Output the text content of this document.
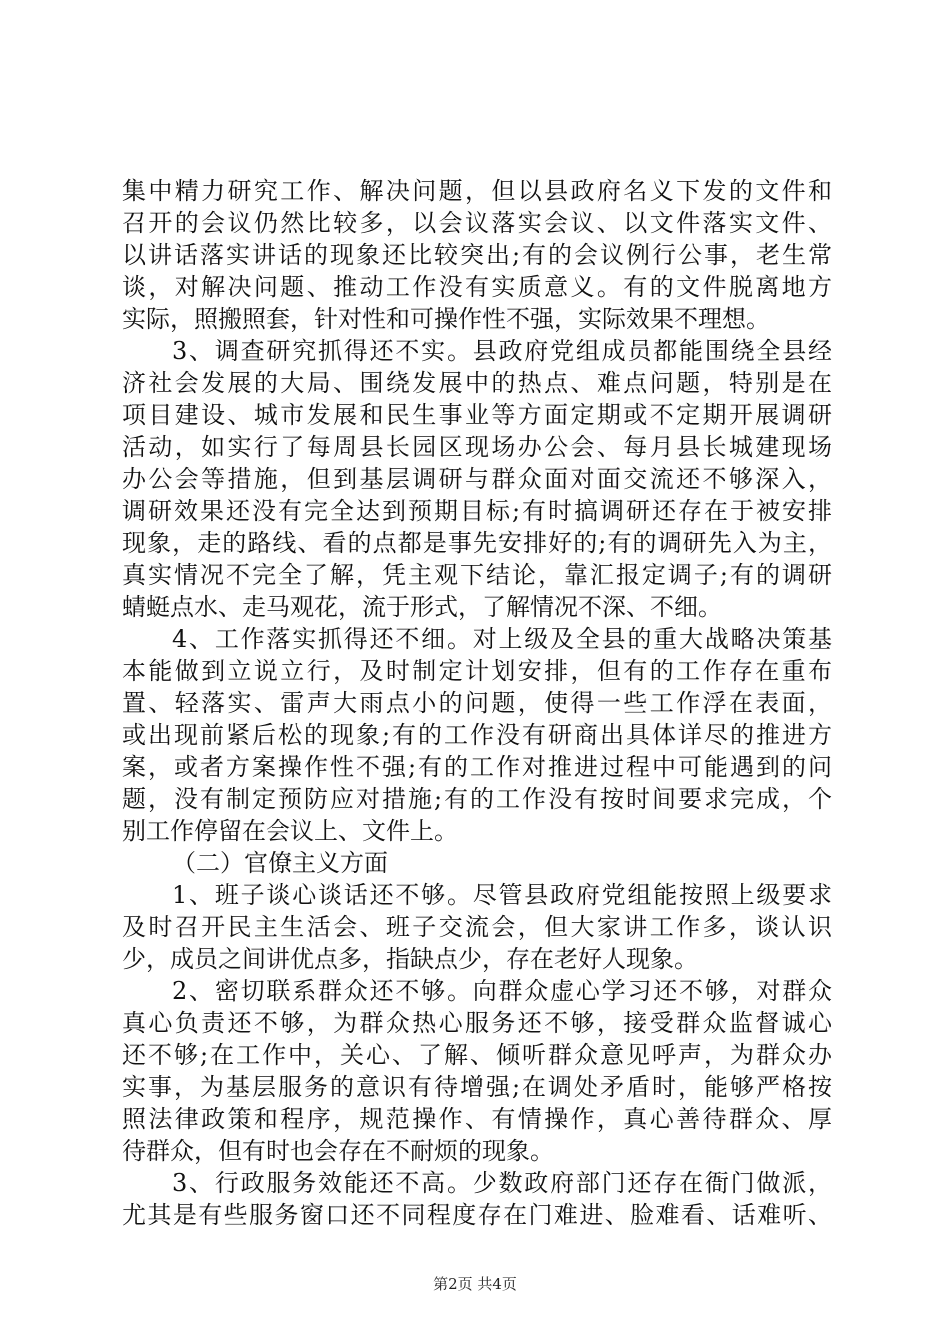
集中精力研究工作、解决问题，但以县政府名义下发的文件和
召开的会议仍然比较多，以会议落实会议、以文件落实文件、
以讲话落实讲话的现象还比较突出;有的会议例行公事，老生常
谈，对解决问题、推动工作没有实质意义。有的文件脱离地方
实际，照搬照套，针对性和可操作性不强，实际效果不理想。
3、调查研究抓得还不实。县政府党组成员都能围绕全县经
济社会发展的大局、围绕发展中的热点、难点问题，特别是在
项目建设、城市发展和民生事业等方面定期或不定期开展调研
活动，如实行了每周县长园区现场办公会、每月县长城建现场
办公会等措施，但到基层调研与群众面对面交流还不够深入，
调研效果还没有完全达到预期目标;有时搞调研还存在于被安排
现象，走的路线、看的点都是事先安排好的;有的调研先入为主，
真实情况不完全了解，凭主观下结论，靠汇报定调子;有的调研
蜻蜓点水、走马观花，流于形式，了解情况不深、不细。
4、工作落实抓得还不细。对上级及全县的重大战略决策基
本能做到立说立行，及时制定计划安排，但有的工作存在重布
置、轻落实、雷声大雨点小的问题，使得一些工作浮在表面，
或出现前紧后松的现象;有的工作没有研商出具体详尽的推进方
案，或者方案操作性不强;有的工作对推进过程中可能遇到的问
题，没有制定预防应对措施;有的工作没有按时间要求完成，个
别工作停留在会议上、文件上。
（二）官僚主义方面
1、班子谈心谈话还不够。尽管县政府党组能按照上级要求
及时召开民主生活会、班子交流会，但大家讲工作多，谈认识
少，成员之间讲优点多，指缺点少，存在老好人现象。
2、密切联系群众还不够。向群众虚心学习还不够，对群众
真心负责还不够，为群众热心服务还不够，接受群众监督诚心
还不够;在工作中，关心、了解、倾听群众意见呼声，为群众办
实事，为基层服务的意识有待增强;在调处矛盾时，能够严格按
照法律政策和程序，规范操作、有情操作，真心善待群众、厚
待群众，但有时也会存在不耐烦的现象。
3、行政服务效能还不高。少数政府部门还存在衙门做派，
尤其是有些服务窗口还不同程度存在门难进、脸难看、话难听、
第2页 共4页
